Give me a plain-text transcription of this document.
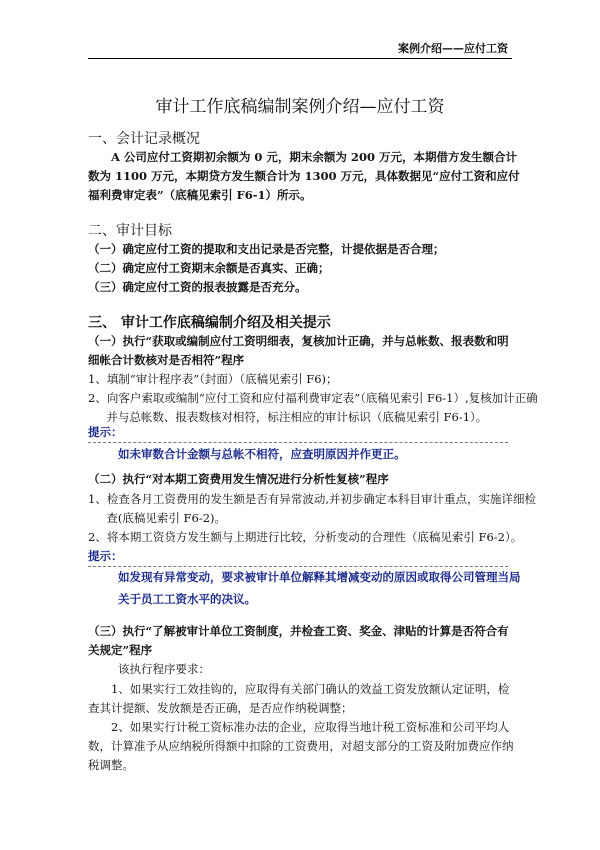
案例介绍——应付工资
审计工作底稿编制案例介绍—应付工资
一、会计记录概况
A 公司应付工资期初余额为 0 元，期末余额为 200 万元，本期借方发生额合计数为 1100 万元，本期贷方发生额合计为 1300 万元，具体数据见“应付工资和应付福利费审定表”（底稿见索引 F6-1）所示。
二、审计目标
（一）确定应付工资的提取和支出记录是否完整，计提依据是否合理；
（二）确定应付工资期末余额是否真实、正确；
（三）确定应付工资的报表披露是否充分。
三、 审计工作底稿编制介绍及相关提示
（一）执行“获取或编制应付工资明细表，复核加计正确，并与总帐数、报表数和明细帐合计数核对是否相符”程序
1、填制“审计程序表”（封面）（底稿见索引 F6)；
2、向客户索取或编制“应付工资和应付福利费审定表”（底稿见索引 F6-1）,复核加计正确并与总帐数、报表数核对相符，标注相应的审计标识（底稿见索引 F6-1）。
提示：
如未审数合计金额与总帐不相符，应查明原因并作更正。
（二）执行“对本期工资费用发生情况进行分析性复核”程序
1、检查各月工资费用的发生额是否有异常波动,并初步确定本科目审计重点，实施详细检查(底稿见索引 F6-2)。
2、将本期工资贷方发生额与上期进行比较，分析变动的合理性（底稿见索引 F6-2）。
提示：
如发现有异常变动，要求被审计单位解释其增减变动的原因或取得公司管理当局关于员工工资水平的决议。
（三）执行“了解被审计单位工资制度，并检查工资、奖金、津贴的计算是否符合有关规定”程序
该执行程序要求：
1、如果实行工效挂钩的，应取得有关部门确认的效益工资发放额认定证明，检查其计提额、发放额是否正确，是否应作纳税调整；
2、如果实行计税工资标准办法的企业，应取得当地计税工资标准和公司平均人数，计算准予从应纳税所得额中扣除的工资费用，对超支部分的工资及附加费应作纳税调整。
